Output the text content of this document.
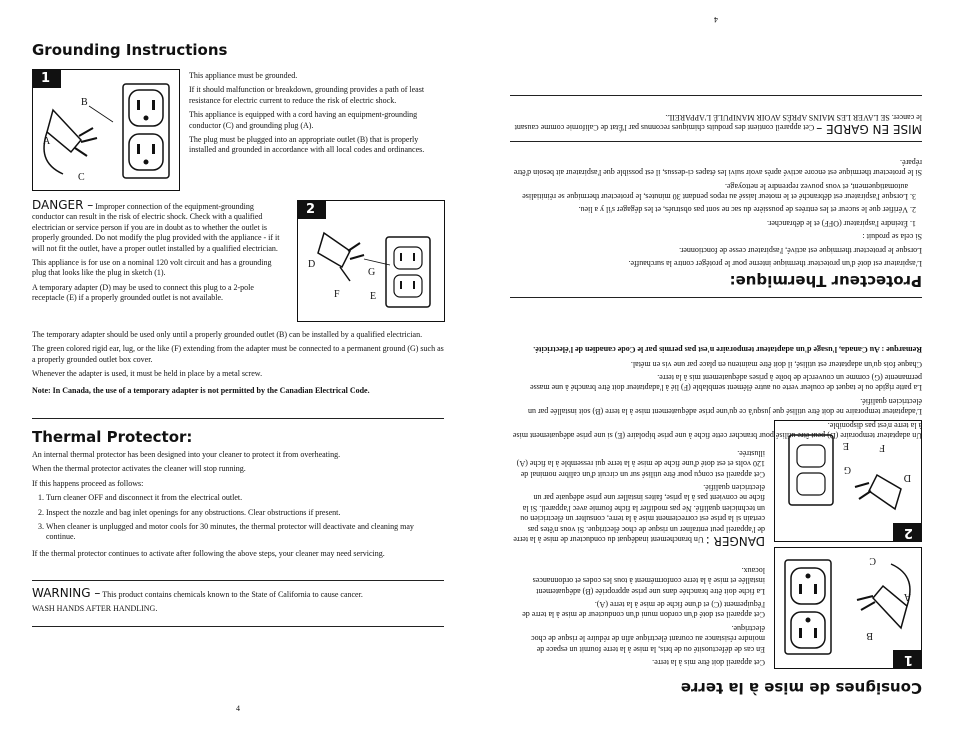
Grounding Instructions
1
B
A
C

This appliance must be grounded.

If it should malfunction or breakdown, grounding provides a path of least resistance for electric current to reduce the risk of electric shock.

This appliance is equipped with a cord having an equipment-grounding conductor (C) and grounding plug (A).

The plug must be plugged into an appropriate outlet (B) that is properly installed and grounded in accordance with all local codes and ordinances.

DANGER – Improper connection of the equipment-grounding conductor can result in the risk of electric shock. Check with a qualified electrician or service person if you are in doubt as to whether the outlet is properly grounded. Do not modify the plug provided with the appliance - if it will not fit the outlet, have a proper outlet installed by a qualified electrician.

This appliance is for use on a nominal 120 volt circuit and has a grounding plug that looks like the plug in sketch (1).

A temporary adapter (D) may be used to connect this plug to a 2-pole receptacle (E) if a properly grounded outlet is not available.

2
D
G
F	E

The temporary adapter should be used only until a properly grounded outlet (B) can be installed by a qualified electrician.

The green colored rigid ear, lug, or the like (F) extending from the adapter must be connected to a permanent ground (G) such as a properly grounded outlet box cover.

Whenever the adapter is used, it must be held in place by a metal screw.

Note: In Canada, the use of a temporary adapter is not permitted by the Canadian Electrical Code.

Thermal Protector:

An internal thermal protector has been designed into your cleaner to protect it from overheating.

When the thermal protector activates the cleaner will stop running.

If this happens proceed as follows:

1. Turn cleaner OFF and disconnect it from the electrical outlet.
2. Inspect the nozzle and bag inlet openings for any obstructions. Clear obstructions if present.
3. When cleaner is unplugged and motor cools for 30 minutes, the thermal protector will deactivate and cleaning may continue.

If the thermal protector continues to activate after following the above steps, your cleaner may need servicing.

WARNING – This product contains chemicals known to the State of California to cause cancer.

WASH HANDS AFTER HANDLING.

4
Consignes de mise à la terre
1
B
A
C

Cet appareil doit être mis à la terre.

En cas de défectuosité ou de bris, la mise à la terre fournit un espace de moindre résistance au courant électrique afin de réduire le risque de choc électrique.

Cet appareil est doté d'un cordon muni d'un conducteur de mise à la terre de l'équipement (C) et d'une fiche de mise à la terre (A).

La fiche doit être branchée dans une prise appropriée (B) adéquatement installée et mise à la terre conformément à tous les codes et ordonnances locaux.

DANGER : Un branchement inadéquat du conducteur de mise à la terre de l'appareil peut entraîner un risque de choc électrique. Si vous n'êtes pas certain si la prise est correctement mise à la terre, consulter un électricien ou un technicien qualifié. Ne pas modifier la fiche fournie avec l'appareil. Si la fiche ne convient pas à la prise, faites installer une prise adéquate par un électricien qualifié.

Cet appareil est conçu pour être utilisé sur un circuit d'un calibre nominal de 120 volts et est doté d'une fiche de mise à la terre qui ressemble à la fiche (A) illustrée.

2
D
G
F
E

Un adaptateur temporaire (D) peut être utilisé pour brancher cette fiche à une prise bipolaire (E) si une prise adéquatement mise à la terre n'est pas disponible.

L'adaptateur temporaire ne doit être utilisé que jusqu'à ce qu'une prise adéquatement mise à la terre (B) soit installée par un électricien qualifié.

La patte rigide ou le taquet de couleur verte ou autre élément semblable (F) lié à l'adaptateur doit être branché à une masse permanente (G) comme un couvercle de boîte à prises adéquatement mis à la terre.

Chaque fois qu'un adaptateur est utilisé, il doit être maintenu en place par une vis en métal.

Remarque : Au Canada, l'usage d'un adaptateur temporaire n'est pas permis par le Code canadien de l'électricité.

Protecteur Thermique:

L'aspirateur est doté d'un protecteur thermique interne pour le protéger contre la surchauffe.

Lorsque le protecteur thermique est activé, l'aspirateur cesse de fonctionner.

Si cela se produit :

1. Éteindre l'aspirateur (OFF) et le débrancher.
2. Vérifier que le suceur et les entrées de poussière du sac ne sont pas obstrués, et les dégager s'il y a lieu.
3. Lorsque l'aspirateur est débranché et le moteur laissé au repos pendant 30 minutes, le protecteur thermique se réinitialise automatiquement, et vous pouvez reprendre le nettoyage.

Si le protecteur thermique est encore activé après avoir suivi les étapes ci-dessus, il est possible que l'aspirateur ait besoin d'être réparé.

MISE EN GARDE – Cet appareil contient des produits chimiques reconnus par l'État de Californie comme causant le cancer. SE LAVER LES MAINS APRÈS AVOIR MANIPULÉ L'APPAREIL.

4
